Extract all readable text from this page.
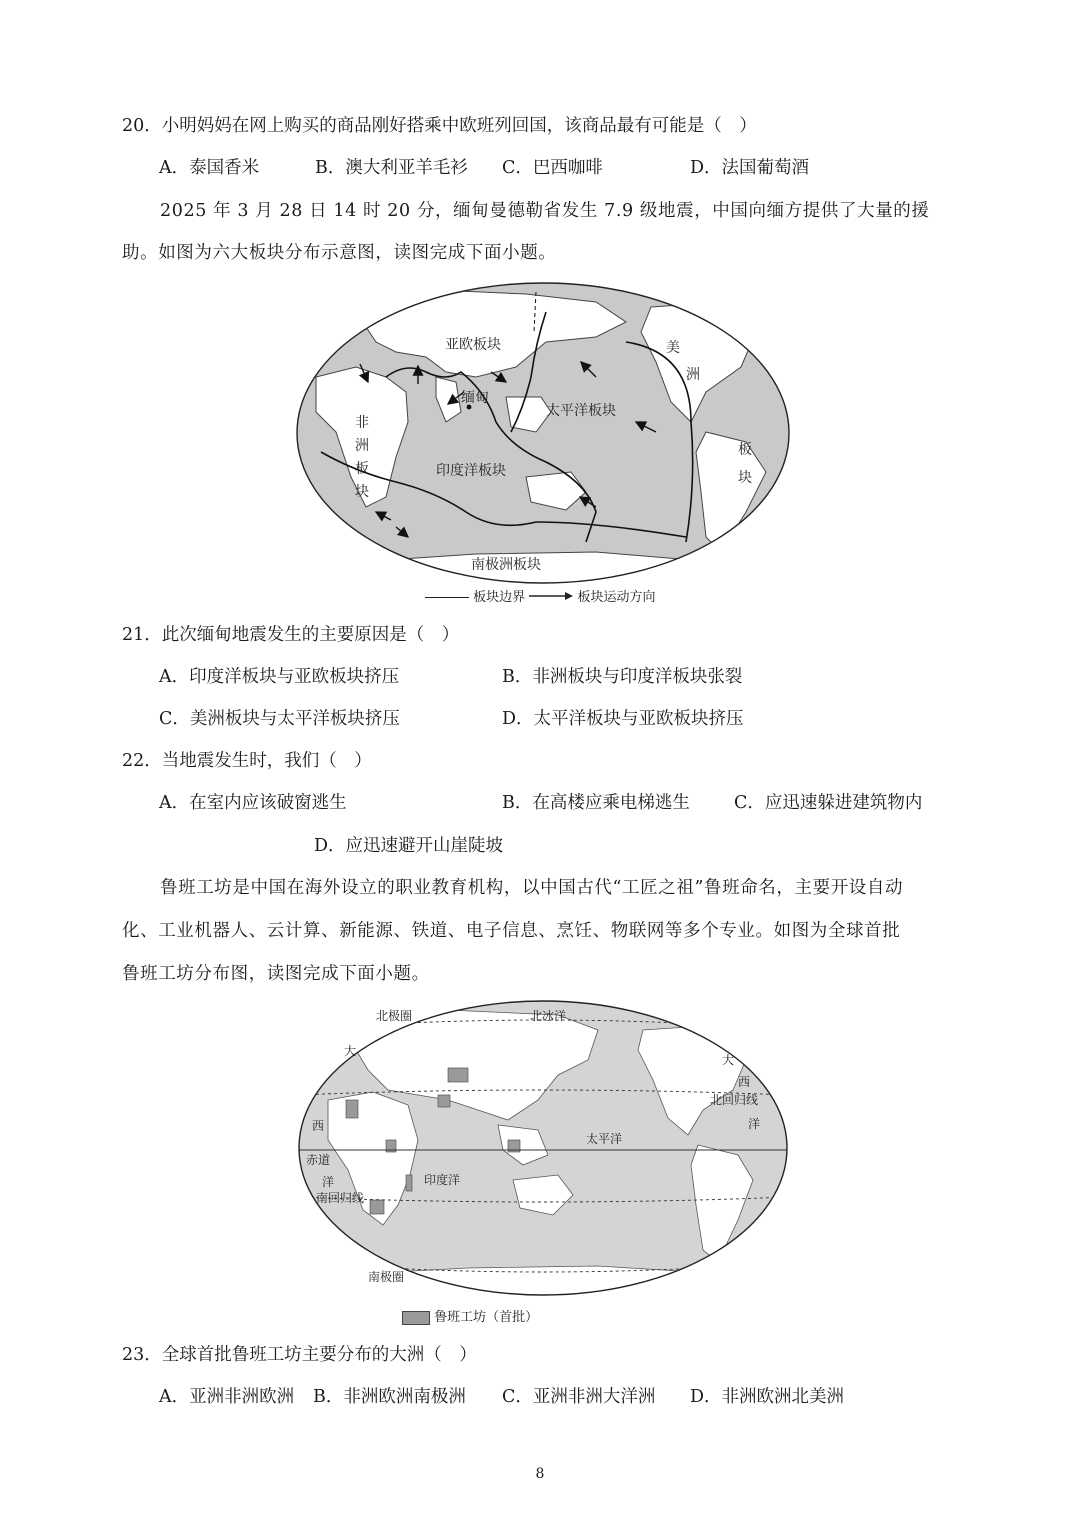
20．小明妈妈在网上购买的商品刚好搭乘中欧班列回国，该商品最有可能是（　）
A．泰国香米	B．澳大利亚羊毛衫 C．巴西咖啡	D．法国葡萄酒
2025 年 3 月 28 日 14 时 20 分，缅甸曼德勒省发生 7.9 级地震，中国向缅方提供了大量的援
助。如图为六大板块分布示意图，读图完成下面小题。
亚欧板块
缅甸
太平洋板块
印度洋板块
南极洲板块
非
洲
板
块
美
洲
板
块
板块边界	板块运动方向
21．此次缅甸地震发生的主要原因是（　）
A．印度洋板块与亚欧板块挤压	B．非洲板块与印度洋板块张裂
C．美洲板块与太平洋板块挤压	D．太平洋板块与亚欧板块挤压
22．当地震发生时，我们（　）
A．在室内应该破窗逃生	B．在高楼应乘电梯逃生	C．应迅速躲进建筑物内
D．应迅速避开山崖陡坡
鲁班工坊是中国在海外设立的职业教育机构，以中国古代“工匠之祖”鲁班命名，主要开设自动
化、工业机器人、云计算、新能源、铁道、电子信息、烹饪、物联网等多个专业。如图为全球首批
鲁班工坊分布图，读图完成下面小题。
北极圈	北冰洋
大
西
洋
大
西
洋
北回归线
太平洋
赤道
印度洋
南回归线
南极圈
鲁班工坊（首批）
23．全球首批鲁班工坊主要分布的大洲（　）
A．亚洲非洲欧洲 B．非洲欧洲南极洲 C．亚洲非洲大洋洲 D．非洲欧洲北美洲
8
